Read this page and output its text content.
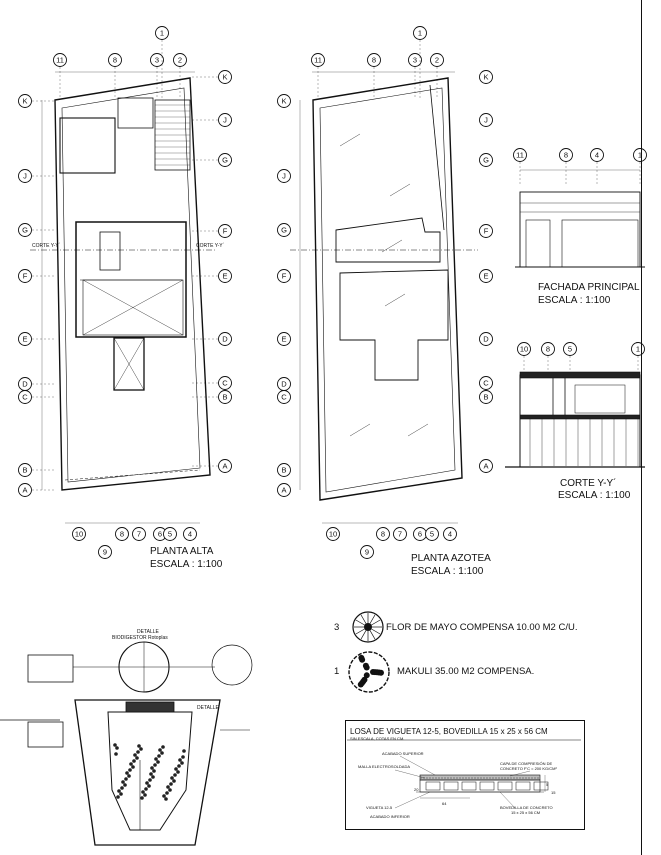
11	8	3	2
1
K
J
G
F
E
D
C
B
A
K
J
G
F
E
D
C
B
A
10
9
8 7 6 5 4
11	8	3 2
1
K
J
G
F
E
D
C
B
A
K
J
G
F
E
D
C
B
A
10
9
8 7 6 5 4
11	8	4	1
10 8 5	1
PLANTA ALTA
ESCALA : 1:100
PLANTA AZOTEA
ESCALA : 1:100
FACHADA PRINCIPAL
ESCALA : 1:100
CORTE Y-Y´
ESCALA : 1:100
CORTE Y-Y´	CORTE Y-Y´
3	FLOR DE MAYO COMPENSA 10.00 M2 C/U.
1	MAKULI 35.00 M2 COMPENSA.
DETALLE
BIODIGESTOR Rotoplas
DETALLE
LOSA DE VIGUETA 12-5, BOVEDILLA 15 x 25 x 56 CM
SIN ESCALA, COTAS EN CM.
ACABADO SUPERIOR
MALLA ELECTROSOLDADA
CAPA DE COMPRESIÓN DE
CONCRETO F'C = 200 KG/CM²
VIGUETA 12-5
ACABADO INFERIOR
BOVEDILLA DE CONCRETO
15 x 25 x 56 CM
20
64
5
15
